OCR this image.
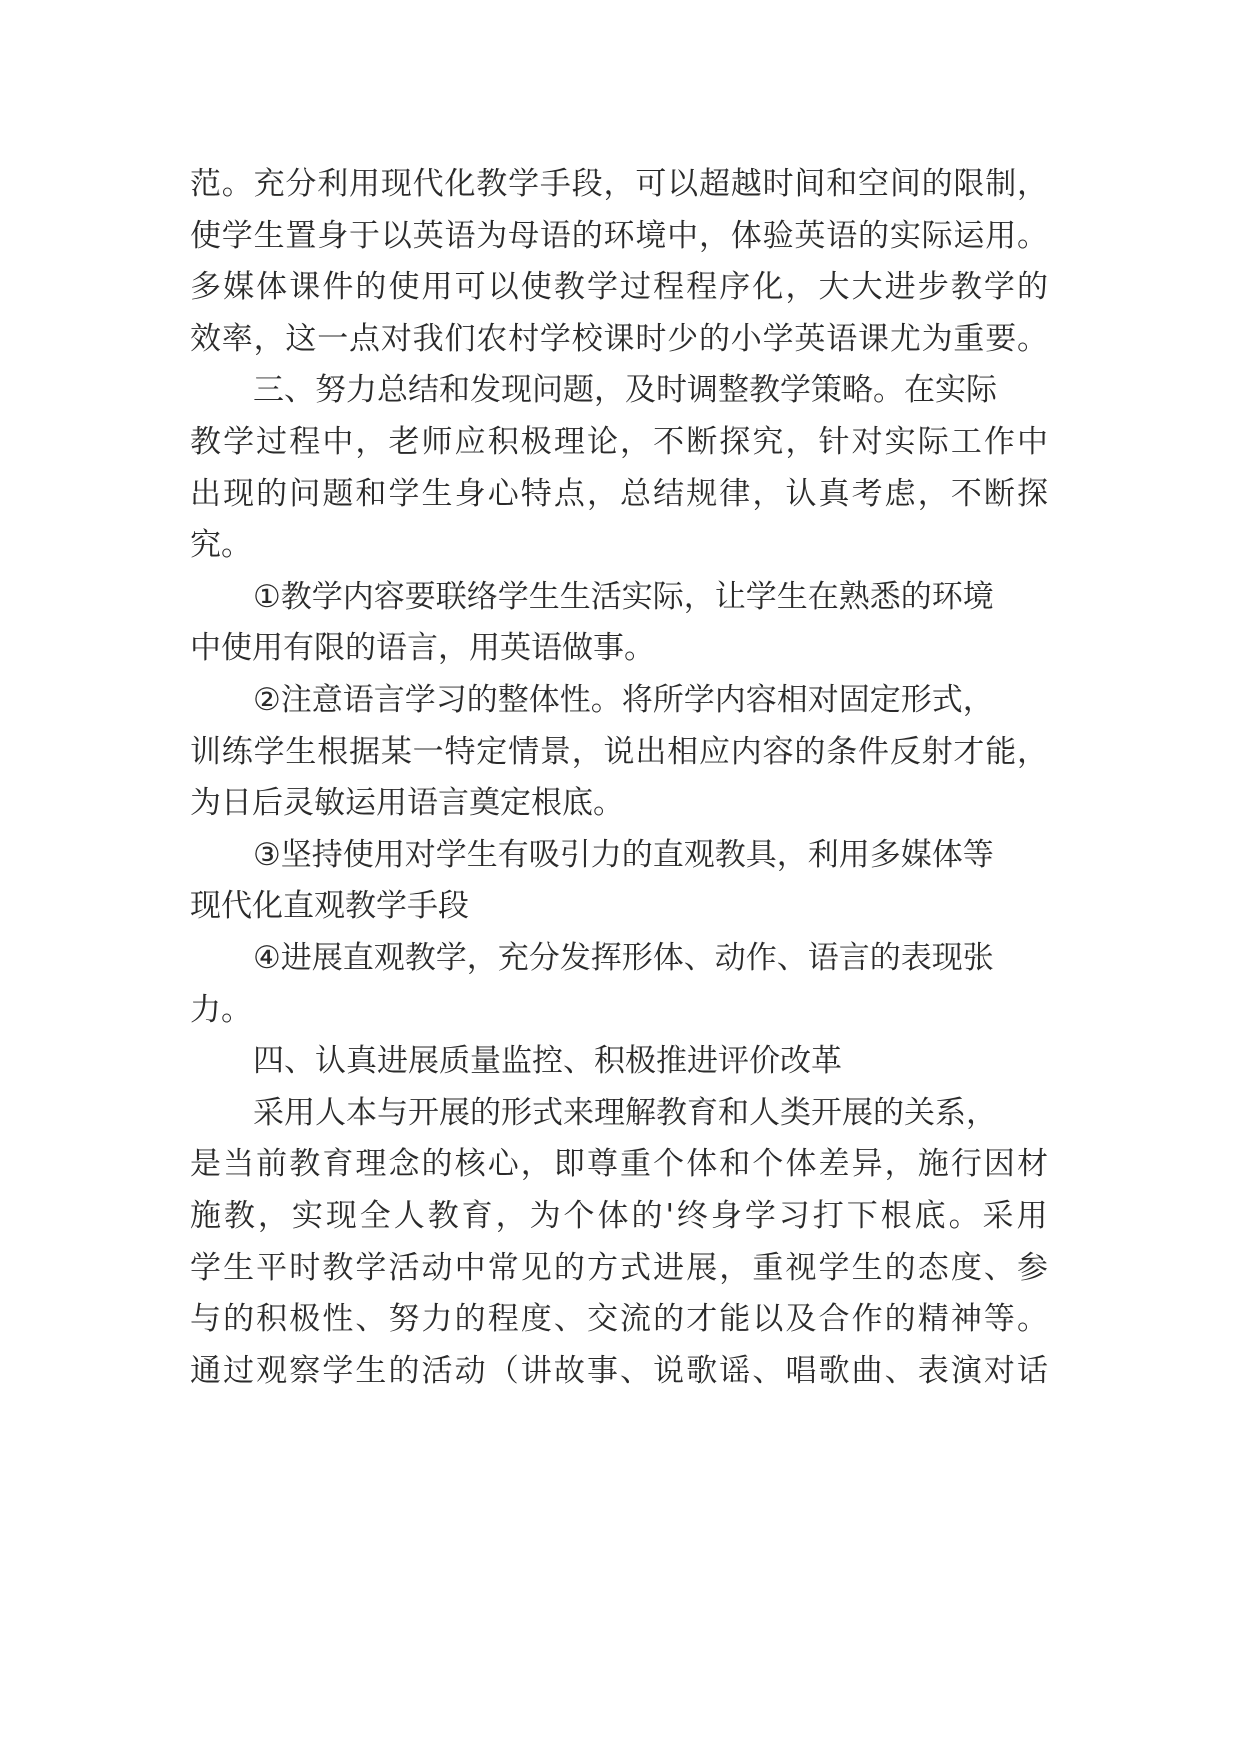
范。充分利用现代化教学手段，可以超越时间和空间的限制，
使学生置身于以英语为母语的环境中，体验英语的实际运用。
多媒体课件的使用可以使教学过程程序化，大大进步教学的
效率，这一点对我们农村学校课时少的小学英语课尤为重要。
三、努力总结和发现问题，及时调整教学策略。在实际
教学过程中，老师应积极理论，不断探究，针对实际工作中
出现的问题和学生身心特点，总结规律，认真考虑，不断探
究。
①教学内容要联络学生生活实际，让学生在熟悉的环境
中使用有限的语言，用英语做事。
②注意语言学习的整体性。将所学内容相对固定形式，
训练学生根据某一特定情景，说出相应内容的条件反射才能，
为日后灵敏运用语言奠定根底。
③坚持使用对学生有吸引力的直观教具，利用多媒体等
现代化直观教学手段
④进展直观教学，充分发挥形体、动作、语言的表现张
力。
四、认真进展质量监控、积极推进评价改革
采用人本与开展的形式来理解教育和人类开展的关系，
是当前教育理念的核心，即尊重个体和个体差异，施行因材
施教，实现全人教育，为个体的'终身学习打下根底。采用
学生平时教学活动中常见的方式进展，重视学生的态度、参
与的积极性、努力的程度、交流的才能以及合作的精神等。
通过观察学生的活动（讲故事、说歌谣、唱歌曲、表演对话
